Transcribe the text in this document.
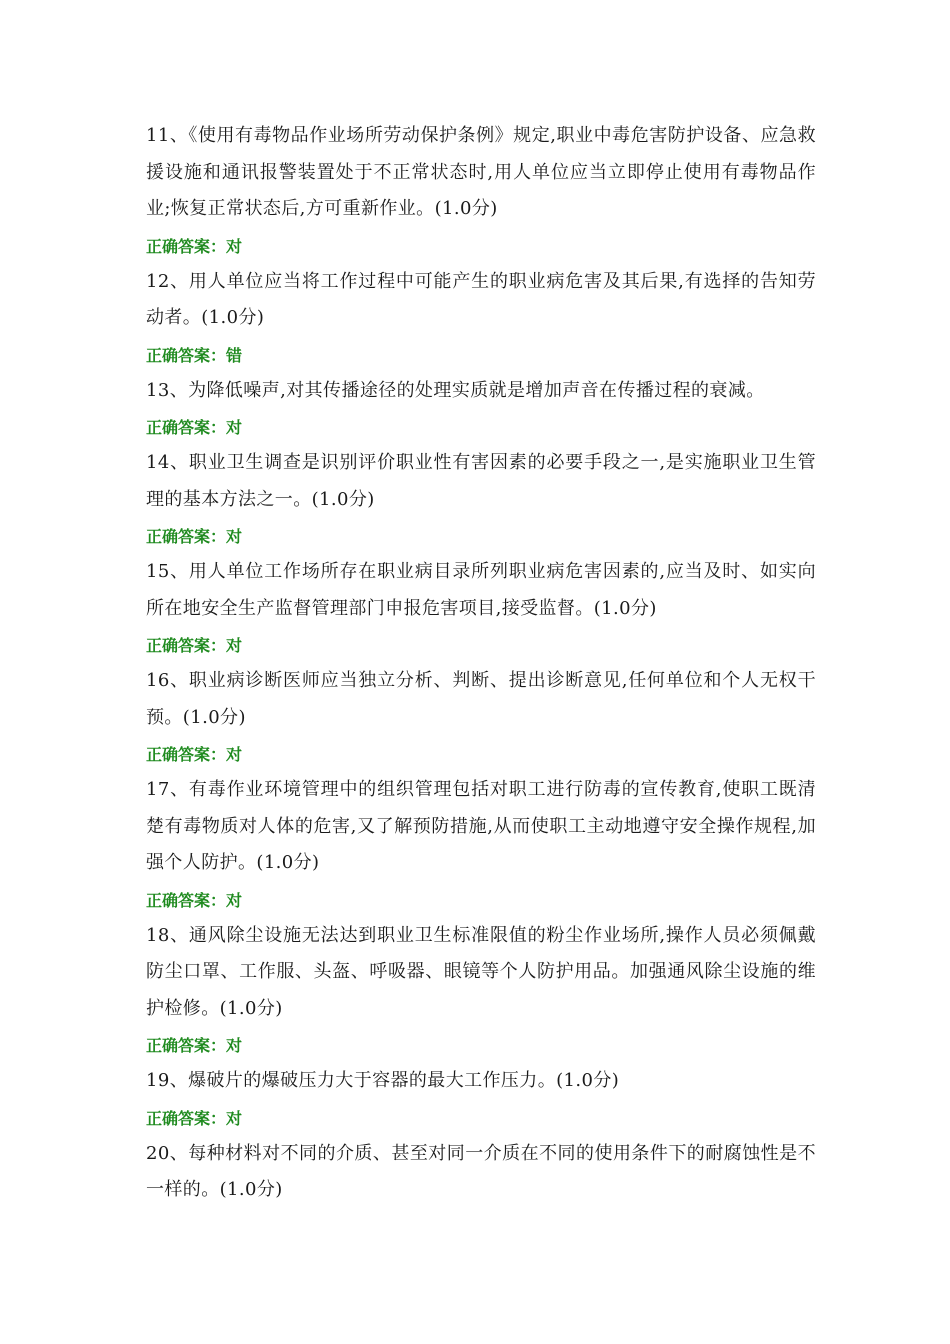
11、《使用有毒物品作业场所劳动保护条例》规定,职业中毒危害防护设备、应急救援设施和通讯报警装置处于不正常状态时,用人单位应当立即停止使用有毒物品作业;恢复正常状态后,方可重新作业。(1.0分)

正确答案：对

12、用人单位应当将工作过程中可能产生的职业病危害及其后果,有选择的告知劳动者。(1.0分)

正确答案：错

13、为降低噪声,对其传播途径的处理实质就是增加声音在传播过程的衰减。

正确答案：对

14、职业卫生调查是识别评价职业性有害因素的必要手段之一,是实施职业卫生管理的基本方法之一。(1.0分)

正确答案：对

15、用人单位工作场所存在职业病目录所列职业病危害因素的,应当及时、如实向所在地安全生产监督管理部门申报危害项目,接受监督。(1.0分)

正确答案：对

16、职业病诊断医师应当独立分析、判断、提出诊断意见,任何单位和个人无权干预。(1.0分)

正确答案：对

17、有毒作业环境管理中的组织管理包括对职工进行防毒的宣传教育,使职工既清楚有毒物质对人体的危害,又了解预防措施,从而使职工主动地遵守安全操作规程,加强个人防护。(1.0分)

正确答案：对

18、通风除尘设施无法达到职业卫生标准限值的粉尘作业场所,操作人员必须佩戴防尘口罩、工作服、头盔、呼吸器、眼镜等个人防护用品。加强通风除尘设施的维护检修。(1.0分)

正确答案：对

19、爆破片的爆破压力大于容器的最大工作压力。(1.0分)

正确答案：对

20、每种材料对不同的介质、甚至对同一介质在不同的使用条件下的耐腐蚀性是不一样的。(1.0分)
